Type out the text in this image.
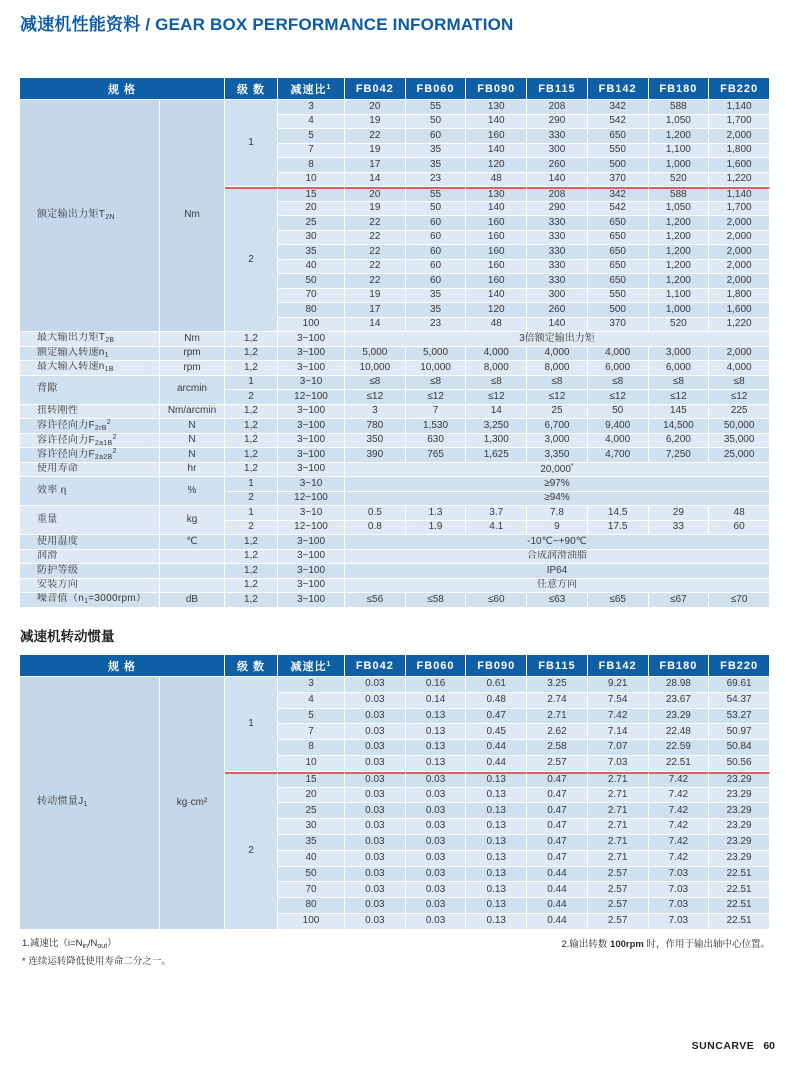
减速机性能资料 / GEAR BOX PERFORMANCE INFORMATION
规 格		级 数	减速比$^1$	FB042	FB060	FB090	FB115	FB142	FB180	FB220
额定输出力矩$T_{2N}$	Nm	1	3	20	55	130	208	342	588	1,140
			4	19	50	140	290	542	1,050	1,700
			5	22	60	160	330	650	1,200	2,000
			7	19	35	140	300	550	1,100	1,800
			8	17	35	120	260	500	1,000	1,600
			10	14	23	48	140	370	520	1,220
		2	15	20	55	130	208	342	588	1,140
			20	19	50	140	290	542	1,050	1,700
			25	22	60	160	330	650	1,200	2,000
			30	22	60	160	330	650	1,200	2,000
			35	22	60	160	330	650	1,200	2,000
			40	22	60	160	330	650	1,200	2,000
			50	22	60	160	330	650	1,200	2,000
			70	19	35	140	300	550	1,100	1,800
			80	17	35	120	260	500	1,000	1,600
			100	14	23	48	140	370	520	1,220
最大输出力矩$T_{2B}$	Nm	1,2	3~100	3倍额定输出力矩						
额定输入转速$n_1$	rpm	1,2	3~100	5,000	5,000	4,000	4,000	4,000	3,000	2,000
最大输入转速$n_{1B}$	rpm	1,2	3~100	10,000	10,000	8,000	8,000	6,000	6,000	4,000
背隙	arcmin	1	3~10	≤8	≤8	≤8	≤8	≤8	≤8	≤8
		2	12~100	≤12	≤12	≤12	≤12	≤12	≤12	≤12
扭转刚性	Nm/arcmin	1,2	3~100	3	7	14	25	50	145	225
容许径向力$F_{2rB}^2$	N	1,2	3~100	780	1,530	3,250	6,700	9,400	14,500	50,000
容许径向力$F_{2a1B}^2$	N	1,2	3~100	350	630	1,300	3,000	4,000	6,200	35,000
容许径向力$F_{2a2B}^2$	N	1,2	3~100	390	765	1,625	3,350	4,700	7,250	25,000
使用寿命	hr	1,2	3~100	20,000*
效率 η	%	1	3~10	≥97%						
		2	12~100	≥94%						
重量	kg	1	3~10	0.5	1.3	3.7	7.8	14.5	29	48
		2	12~100	0.8	1.9	4.1	9	17.5	33	60
使用温度	℃	1,2	3~100	-10℃~+90℃						
润滑		1,2	3~100	合成润滑油脂						
防护等级		1,2	3~100	IP64						
安装方向		1,2	3~100	任意方向						
噪音值$(n_1=3000rpm)$	dB	1,2	3~100	≤56	≤58	≤60	≤63	≤65	≤67	≤70
减速机转动惯量
规 格		级 数	减速比$^1$	FB042	FB060	FB090	FB115	FB142	FB180	FB220
转动惯量$J_1$	kg·cm²	1	3	0.03	0.16	0.61	3.25	9.21	28.98	69.61
			4	0.03	0.14	0.48	2.74	7.54	23.67	54.37
			5	0.03	0.13	0.47	2.71	7.42	23.29	53.27
			7	0.03	0.13	0.45	2.62	7.14	22.48	50.97
			8	0.03	0.13	0.44	2.58	7.07	22.59	50.84
			10	0.03	0.13	0.44	2.57	7.03	22.51	50.56
		2	15	0.03	0.03	0.13	0.47	2.71	7.42	23.29
			20	0.03	0.03	0.13	0.47	2.71	7.42	23.29
			25	0.03	0.03	0.13	0.47	2.71	7.42	23.29
			30	0.03	0.03	0.13	0.47	2.71	7.42	23.29
			35	0.03	0.03	0.13	0.47	2.71	7.42	23.29
			40	0.03	0.03	0.13	0.47	2.71	7.42	23.29
			50	0.03	0.03	0.13	0.44	2.57	7.03	22.51
			70	0.03	0.03	0.13	0.44	2.57	7.03	22.51
			80	0.03	0.03	0.13	0.44	2.57	7.03	22.51
			100	0.03	0.03	0.13	0.44	2.57	7.03	22.51
1.减速比$(i=N_{in}/N_{out})$
* 连续运转降低使用寿命二分之一。
2.输出转数 100rpm 时，作用于输出轴中心位置。
SUNCARVE 60
